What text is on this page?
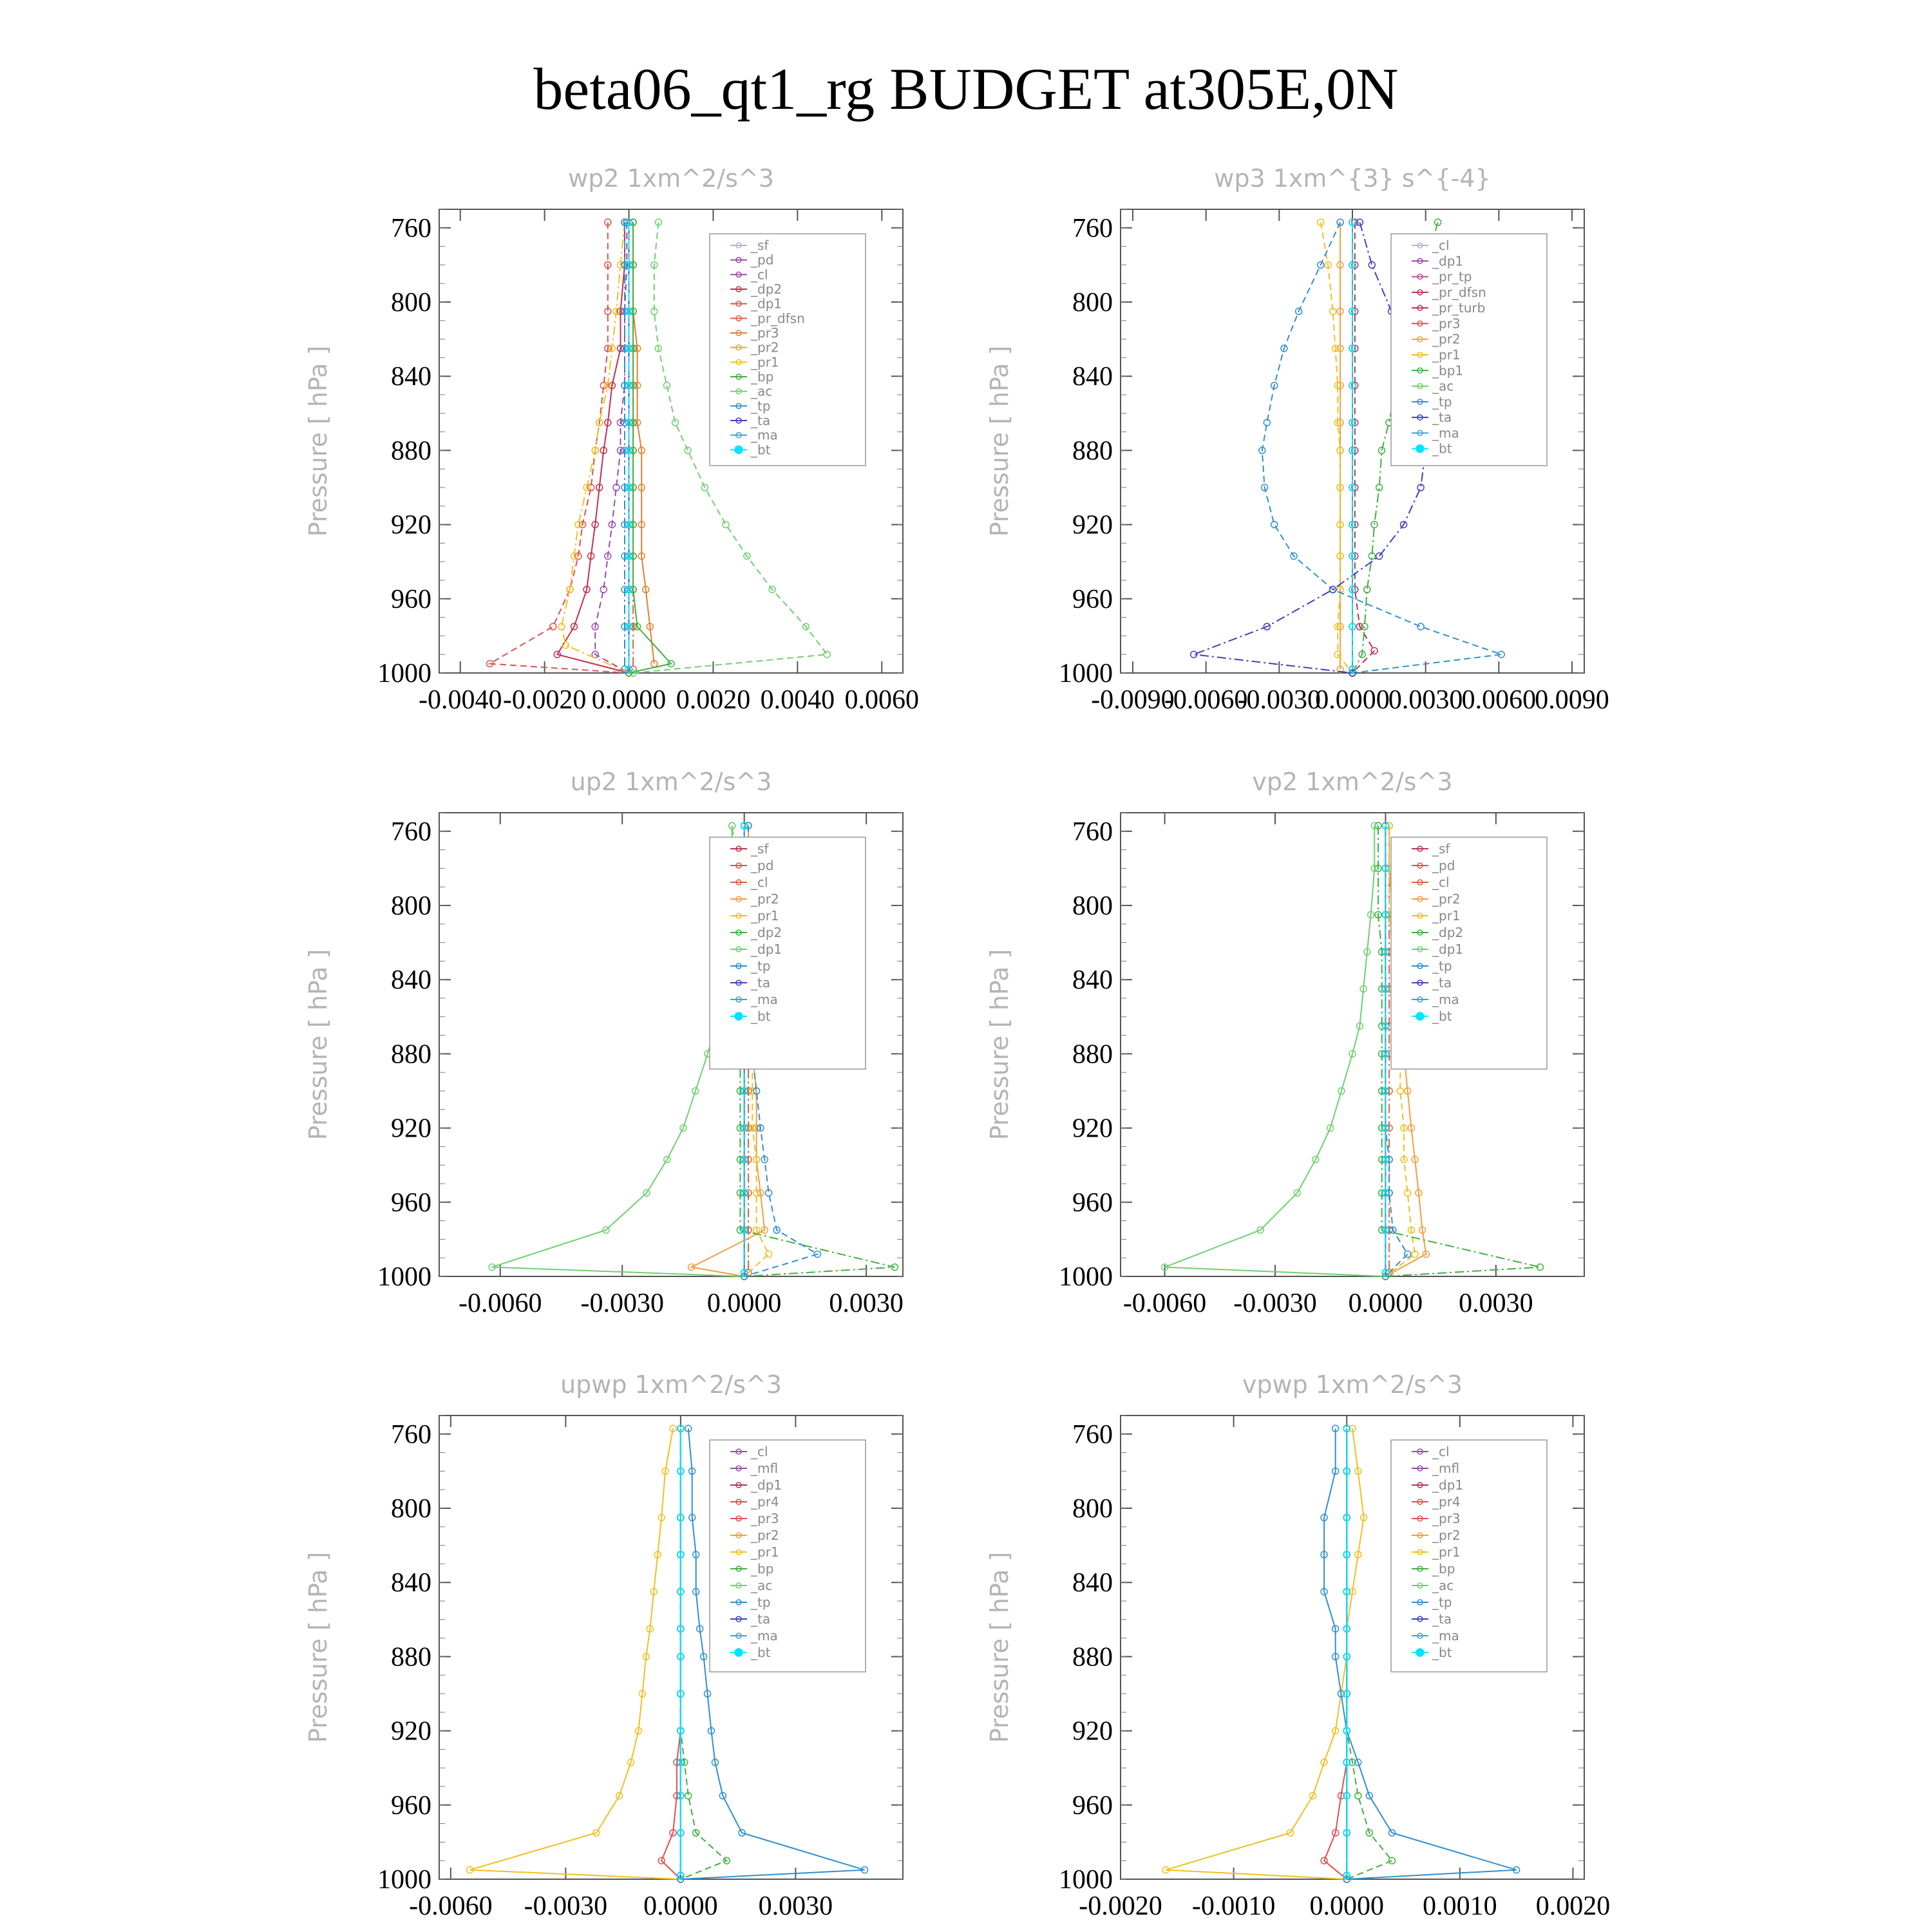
beta06_qt1_rg BUDGET at305E,0N
wp2 1xm^2/s^3
Pressure [ hPa ]
760
800
840
880
920
960
1000
-0.0040 -0.0020 0.0000 0.0020 0.0040 0.0060
_sf
_pd
_cl
_dp2
_dp1
_pr_dfsn
_pr3
_pr2
_pr1
_bp
_ac
_tp
_ta
_ma
_bt
wp3 1xm^{3} s^{-4}
Pressure [ hPa ]
760
800
840
880
920
960
1000
-0.0090
-0.0060
-0.0030
0.0000
0.0030
0.0060
0.0090
_cl
_dp1
_pr_tp
_pr_dfsn
_pr_turb
_pr3
_pr2
_pr1
_bp1
_ac
_tp
_ta
_ma
_bt
up2 1xm^2/s^3
Pressure [ hPa ]
760
800
840
880
920
960
1000
-0.0060 -0.0030 0.0000 0.0030
_sf
_pd
_cl
_pr2
_pr1
_dp2
_dp1
_tp
_ta
_ma
_bt
vp2 1xm^2/s^3
Pressure [ hPa ]
760
800
840
880
920
960
1000
-0.0060 -0.0030 0.0000 0.0030
_sf
_pd
_cl
_pr2
_pr1
_dp2
_dp1
_tp
_ta
_ma
_bt
upwp 1xm^2/s^3
Pressure [ hPa ]
760
800
840
880
920
960
1000
-0.0060 -0.0030 0.0000 0.0030
_cl
_mfl
_dp1
_pr4
_pr3
_pr2
_pr1
_bp
_ac
_tp
_ta
_ma
_bt
vpwp 1xm^2/s^3
Pressure [ hPa ]
760
800
840
880
920
960
1000
-0.0020 -0.0010 0.0000 0.0010 0.0020
_cl
_mfl
_dp1
_pr4
_pr3
_pr2
_pr1
_bp
_ac
_tp
_ta
_ma
_bt
